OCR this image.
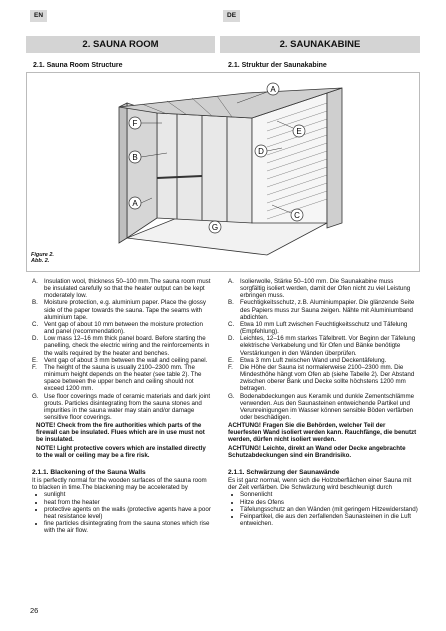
EN	DE
2. SAUNA ROOM	2. SAUNAKABINE
2.1. Sauna Room Structure	2.1. Struktur der Saunakabine
A
F
E
B
D
A
C
G
Figure 2.
Abb. 2.
A. Insulation wool, thickness 50–100 mm.The sauna room must be insulated carefully so that the heater output can be kept moderately low.
B. Moisture protection, e.g. aluminium paper. Place the glossy side of the paper towards the sauna. Tape the seams with aluminium tape.
C. Vent gap of about 10 mm between the moisture protection and panel (recommendation).
D. Low mass 12–16 mm thick panel board. Before starting the panelling, check the electric wiring and the reinforcements in the walls required by the heater and benches.
E. Vent gap of about 3 mm between the wall and ceiling panel.
F. The height of the sauna is usually 2100–2300 mm. The minimum height depends on the heater (see table 2). The space between the upper bench and ceiling should not exceed 1200 mm.
G. Use floor coverings made of ceramic materials and dark joint grouts. Particles disintegrating from the sauna stones and impurities in the sauna water may stain and/or damage sensitive floor coverings.
NOTE! Check from the fire authorities which parts of the firewall can be insulated. Flues which are in use must not be insulated.
NOTE! Light protective covers which are installed directly to the wall or ceiling may be a fire risk.
2.1.1. Blackening of the Sauna Walls
It is perfectly normal for the wooden surfaces of the sauna room to blacken in time.The blackening may be accelerated by
sunlight
heat from the heater
protective agents on the walls (protective agents have a poor heat resistance level)
fine particles disintegrating from the sauna stones which rise with the air flow.
A. Isolierwolle, Stärke 50–100 mm. Die Saunakabine muss sorgfältig isoliert werden, damit der Ofen nicht zu viel Leistung erbringen muss.
B. Feuchtigkeitsschutz, z.B. Aluminiumpapier. Die glänzende Seite des Papiers muss zur Sauna zeigen. Nähte mit Aluminiumband abdichten.
C. Etwa 10 mm Luft zwischen Feuchtigkeitsschutz und Täfelung (Empfehlung).
D. Leichtes, 12–16 mm starkes Täfelbrett. Vor Beginn der Täfelung elektrische Verkabelung und für Ofen und Bänke benötigte Verstärkungen in den Wänden überprüfen.
E. Etwa 3 mm Luft zwischen Wand und Deckentäfelung.
F. Die Höhe der Sauna ist normalerweise 2100–2300 mm. Die Mindesthöhe hängt vom Ofen ab (siehe Tabelle 2). Der Abstand zwischen oberer Bank und Decke sollte höchstens 1200 mm betragen.
G. Bodenabdeckungen aus Keramik und dunkle Zementschlämme verwenden. Aus den Saunasteinen entweichende Partikel und Verunreinigungen im Wasser können sensible Böden verfärben oder beschädigen.
ACHTUNG! Fragen Sie die Behörden, welcher Teil der feuerfesten Wand isoliert werden kann. Rauchfänge, die benutzt werden, dürfen nicht isoliert werden.
ACHTUNG! Leichte, direkt an Wand oder Decke angebrachte Schutzabdeckungen sind ein Brandrisiko.
2.1.1. Schwärzung der Saunawände
Es ist ganz normal, wenn sich die Holzoberflächen einer Sauna mit der Zeit verfärben. Die Schwärzung wird beschleunigt durch
Sonnenlicht
Hitze des Ofens
Täfelungsschutz an den Wänden (mit geringem Hitzewiderstand)
Feinpartikel, die aus den zerfallenden Saunasteinen in die Luft entweichen.
26
